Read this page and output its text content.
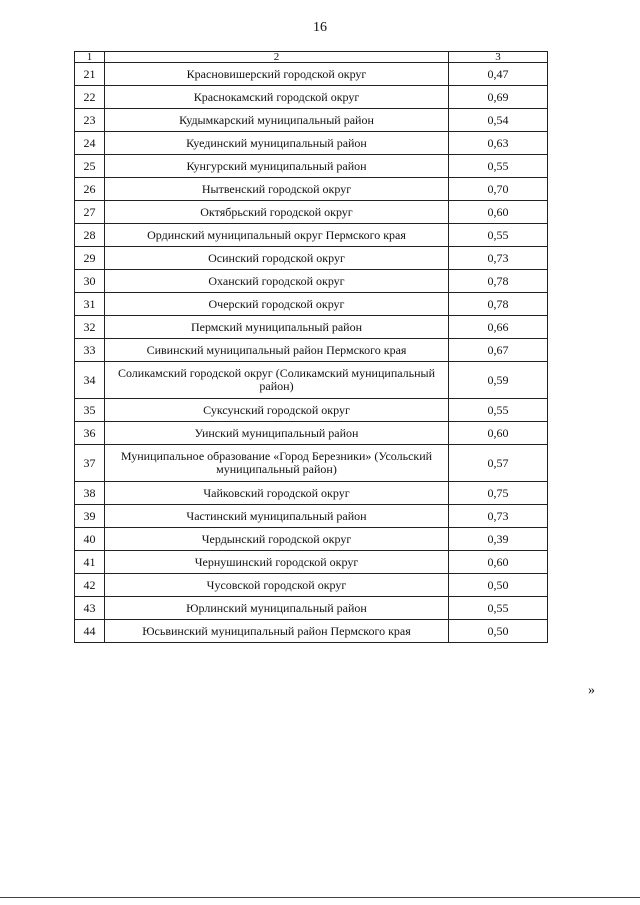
16
1	2	3
21	Красновишерский городской округ	0,47
22	Краснокамский городской округ	0,69
23	Кудымкарский муниципальный район	0,54
24	Куединский муниципальный район	0,63
25	Кунгурский муниципальный район	0,55
26	Нытвенский городской округ	0,70
27	Октябрьский городской округ	0,60
28	Ординский муниципальный округ Пермского края	0,55
29	Осинский городской округ	0,73
30	Оханский городской округ	0,78
31	Очерский городской округ	0,78
32	Пермский муниципальный район	0,66
33	Сивинский муниципальный район Пермского края	0,67
34	Соликамский городской округ (Соликамский муниципальный район)	0,59
35	Суксунский городской округ	0,55
36	Уинский муниципальный район	0,60
37	Муниципальное образование «Город Березники» (Усольский муниципальный район)	0,57
38	Чайковский городской округ	0,75
39	Частинский муниципальный район	0,73
40	Чердынский городской округ	0,39
41	Чернушинский городской округ	0,60
42	Чусовской городской округ	0,50
43	Юрлинский муниципальный район	0,55
44	Юсьвинский муниципальный район Пермского края	0,50
»
